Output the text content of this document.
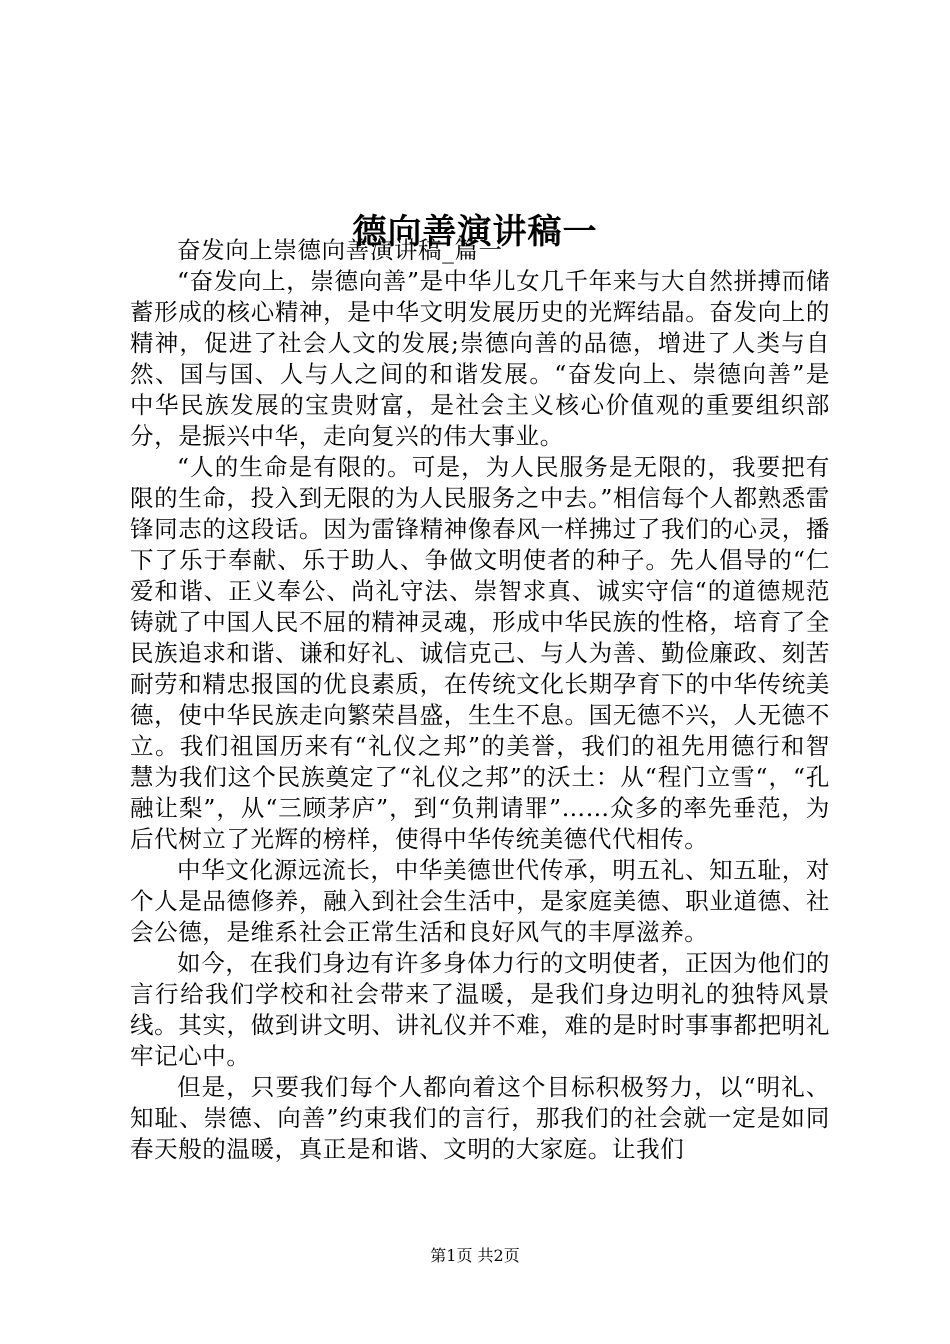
德向善演讲稿一

奋发向上崇德向善演讲稿_篇一

“奋发向上，崇德向善”是中华儿女几千年来与大自然拼搏而储蓄形成的核心精神，是中华文明发展历史的光辉结晶。奋发向上的精神，促进了社会人文的发展;崇德向善的品德，增进了人类与自然、国与国、人与人之间的和谐发展。“奋发向上、崇德向善”是中华民族发展的宝贵财富，是社会主义核心价值观的重要组织部分，是振兴中华，走向复兴的伟大事业。

“人的生命是有限的。可是，为人民服务是无限的，我要把有限的生命，投入到无限的为人民服务之中去。”相信每个人都熟悉雷锋同志的这段话。因为雷锋精神像春风一样拂过了我们的心灵，播下了乐于奉献、乐于助人、争做文明使者的种子。先人倡导的“仁爱和谐、正义奉公、尚礼守法、崇智求真、诚实守信“的道德规范铸就了中国人民不屈的精神灵魂，形成中华民族的性格，培育了全民族追求和谐、谦和好礼、诚信克己、与人为善、勤俭廉政、刻苦耐劳和精忠报国的优良素质，在传统文化长期孕育下的中华传统美德，使中华民族走向繁荣昌盛，生生不息。国无德不兴，人无德不立。我们祖国历来有“礼仪之邦”的美誉，我们的祖先用德行和智慧为我们这个民族奠定了“礼仪之邦”的沃土：从“程门立雪“，“孔融让梨”，从“三顾茅庐”，到“负荆请罪”……众多的率先垂范，为后代树立了光辉的榜样，使得中华传统美德代代相传。

中华文化源远流长，中华美德世代传承，明五礼、知五耻，对个人是品德修养，融入到社会生活中，是家庭美德、职业道德、社会公德，是维系社会正常生活和良好风气的丰厚滋养。

如今，在我们身边有许多身体力行的文明使者，正因为他们的言行给我们学校和社会带来了温暖，是我们身边明礼的独特风景线。其实，做到讲文明、讲礼仪并不难，难的是时时事事都把明礼牢记心中。

但是，只要我们每个人都向着这个目标积极努力，以“明礼、知耻、崇德、向善”约束我们的言行，那我们的社会就一定是如同春天般的温暖，真正是和谐、文明的大家庭。让我们

第1页 共2页
